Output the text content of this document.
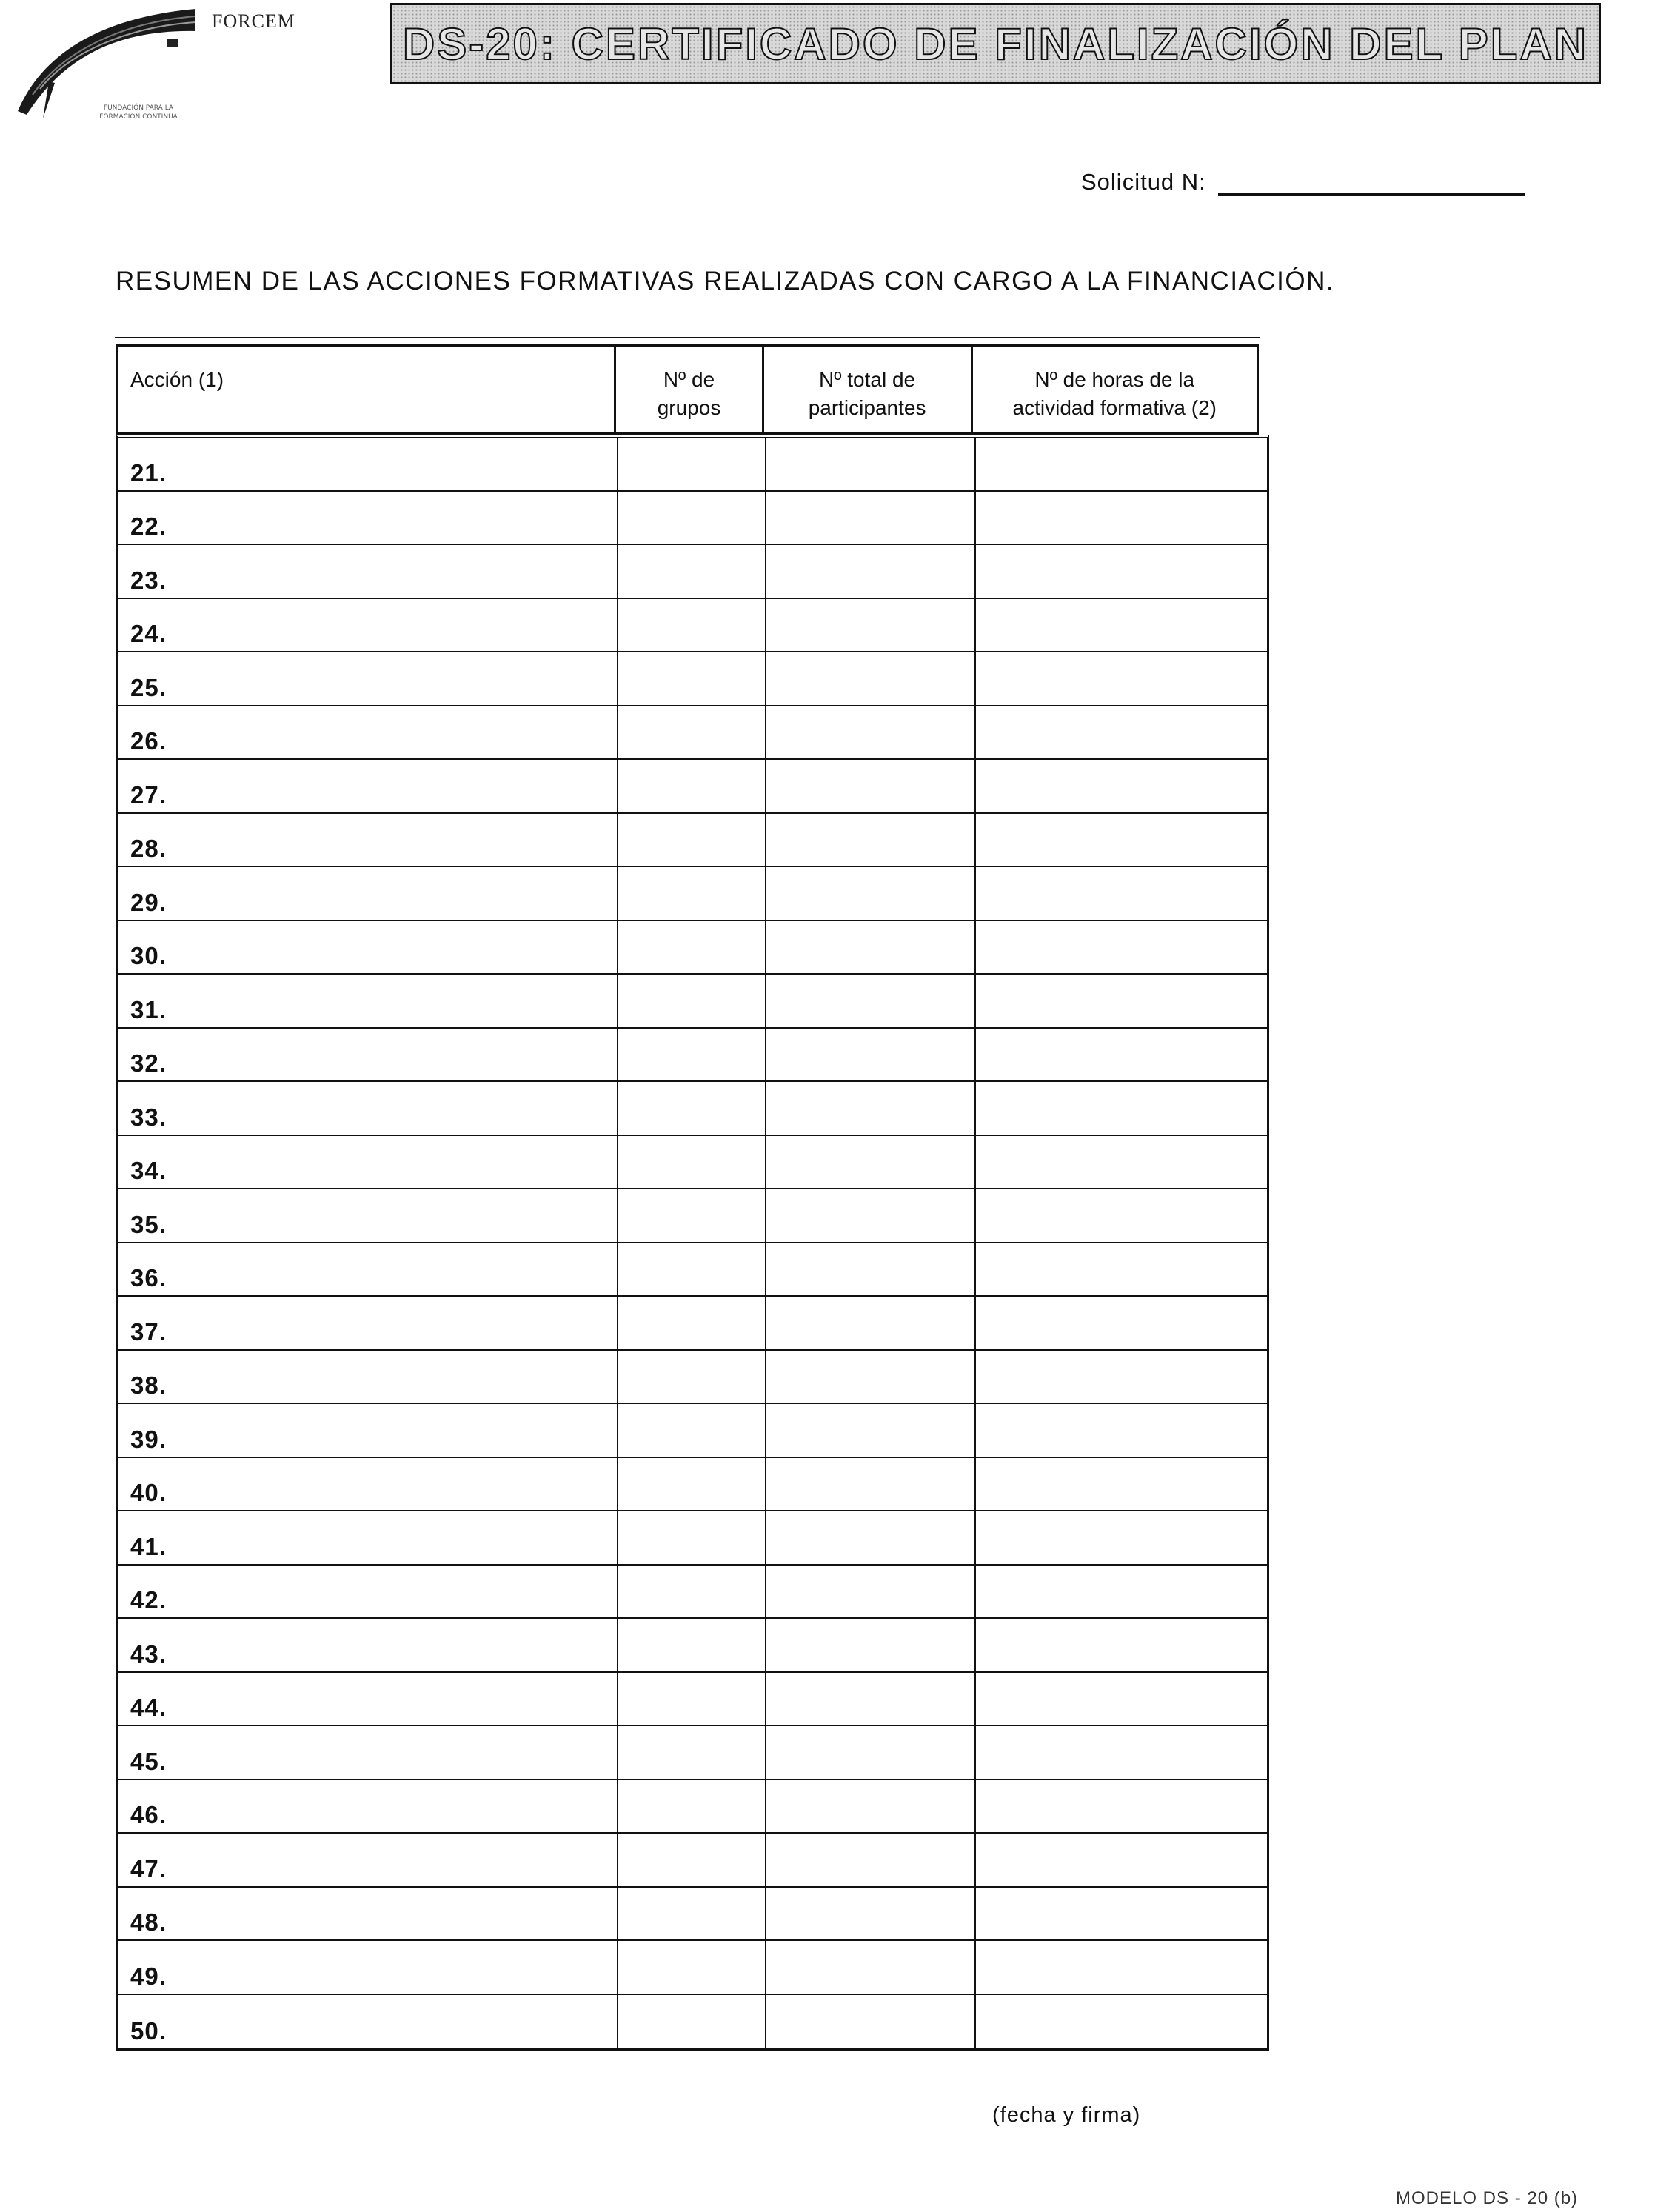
FORCEM
FUNDACIÓN PARA LA FORMACIÓN CONTINUA
DS-20: CERTIFICADO DE FINALIZACIÓN DEL PLAN
Solicitud N:
RESUMEN DE LAS ACCIONES FORMATIVAS REALIZADAS CON CARGO A LA FINANCIACIÓN.
Acción (1)	Nº de
grupos
Nº total de
participantes
Nº de horas de la
actividad formativa (2)
21.
22.
23.
24.
25.
26.
27.
28.
29.
30.
31.
32.
33.
34.
35.
36.
37.
38.
39.
40.
41.
42.
43.
44.
45.
46.
47.
48.
49.
50.
(fecha y firma)
MODELO DS - 20 (b)
